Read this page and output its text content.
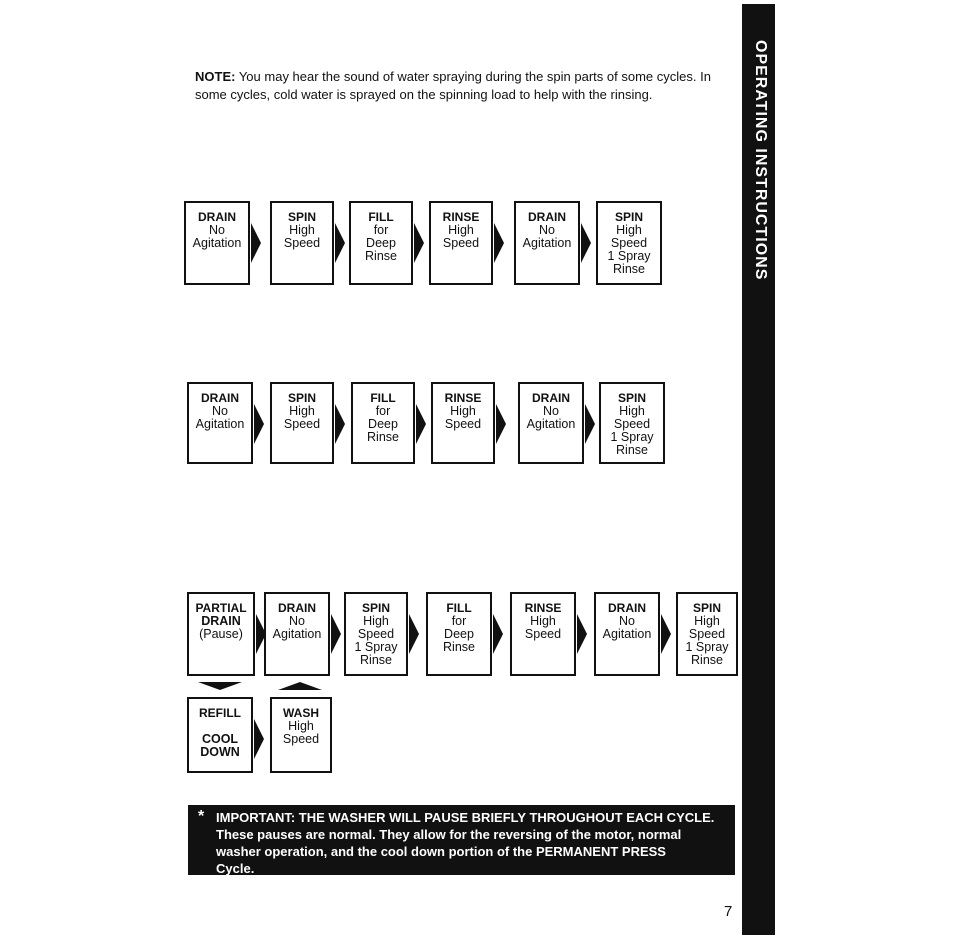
NOTE: You may hear the sound of water spraying during the spin parts of some cycles. In some cycles, cold water is sprayed on the spinning load to help with the rinsing.	OPERATING INSTRUCTIONS
DRAIN
No
Agitation
SPIN
High
Speed
FILL
for
Deep
Rinse
RINSE
High
Speed
DRAIN
No
Agitation
SPIN
High
Speed
1 Spray
Rinse
DRAIN
No
Agitation
SPIN
High
Speed
FILL
for
Deep
Rinse
RINSE
High
Speed
DRAIN
No
Agitation
SPIN
High
Speed
1 Spray
Rinse
PARTIAL
DRAIN
(Pause)
DRAIN
No
Agitation
SPIN
High
Speed
1 Spray
Rinse
FILL
for
Deep
Rinse
RINSE
High
Speed
DRAIN
No
Agitation
SPIN
High
Speed
1 Spray
Rinse
REFILL

COOL
DOWN
WASH
High
Speed
IMPORTANT: THE WASHER WILL PAUSE BRIEFLY THROUGHOUT EACH CYCLE.
These pauses are normal. They allow for the reversing of the motor, normal
washer operation, and the cool down portion of the PERMANENT PRESS
Cycle.
*
7
